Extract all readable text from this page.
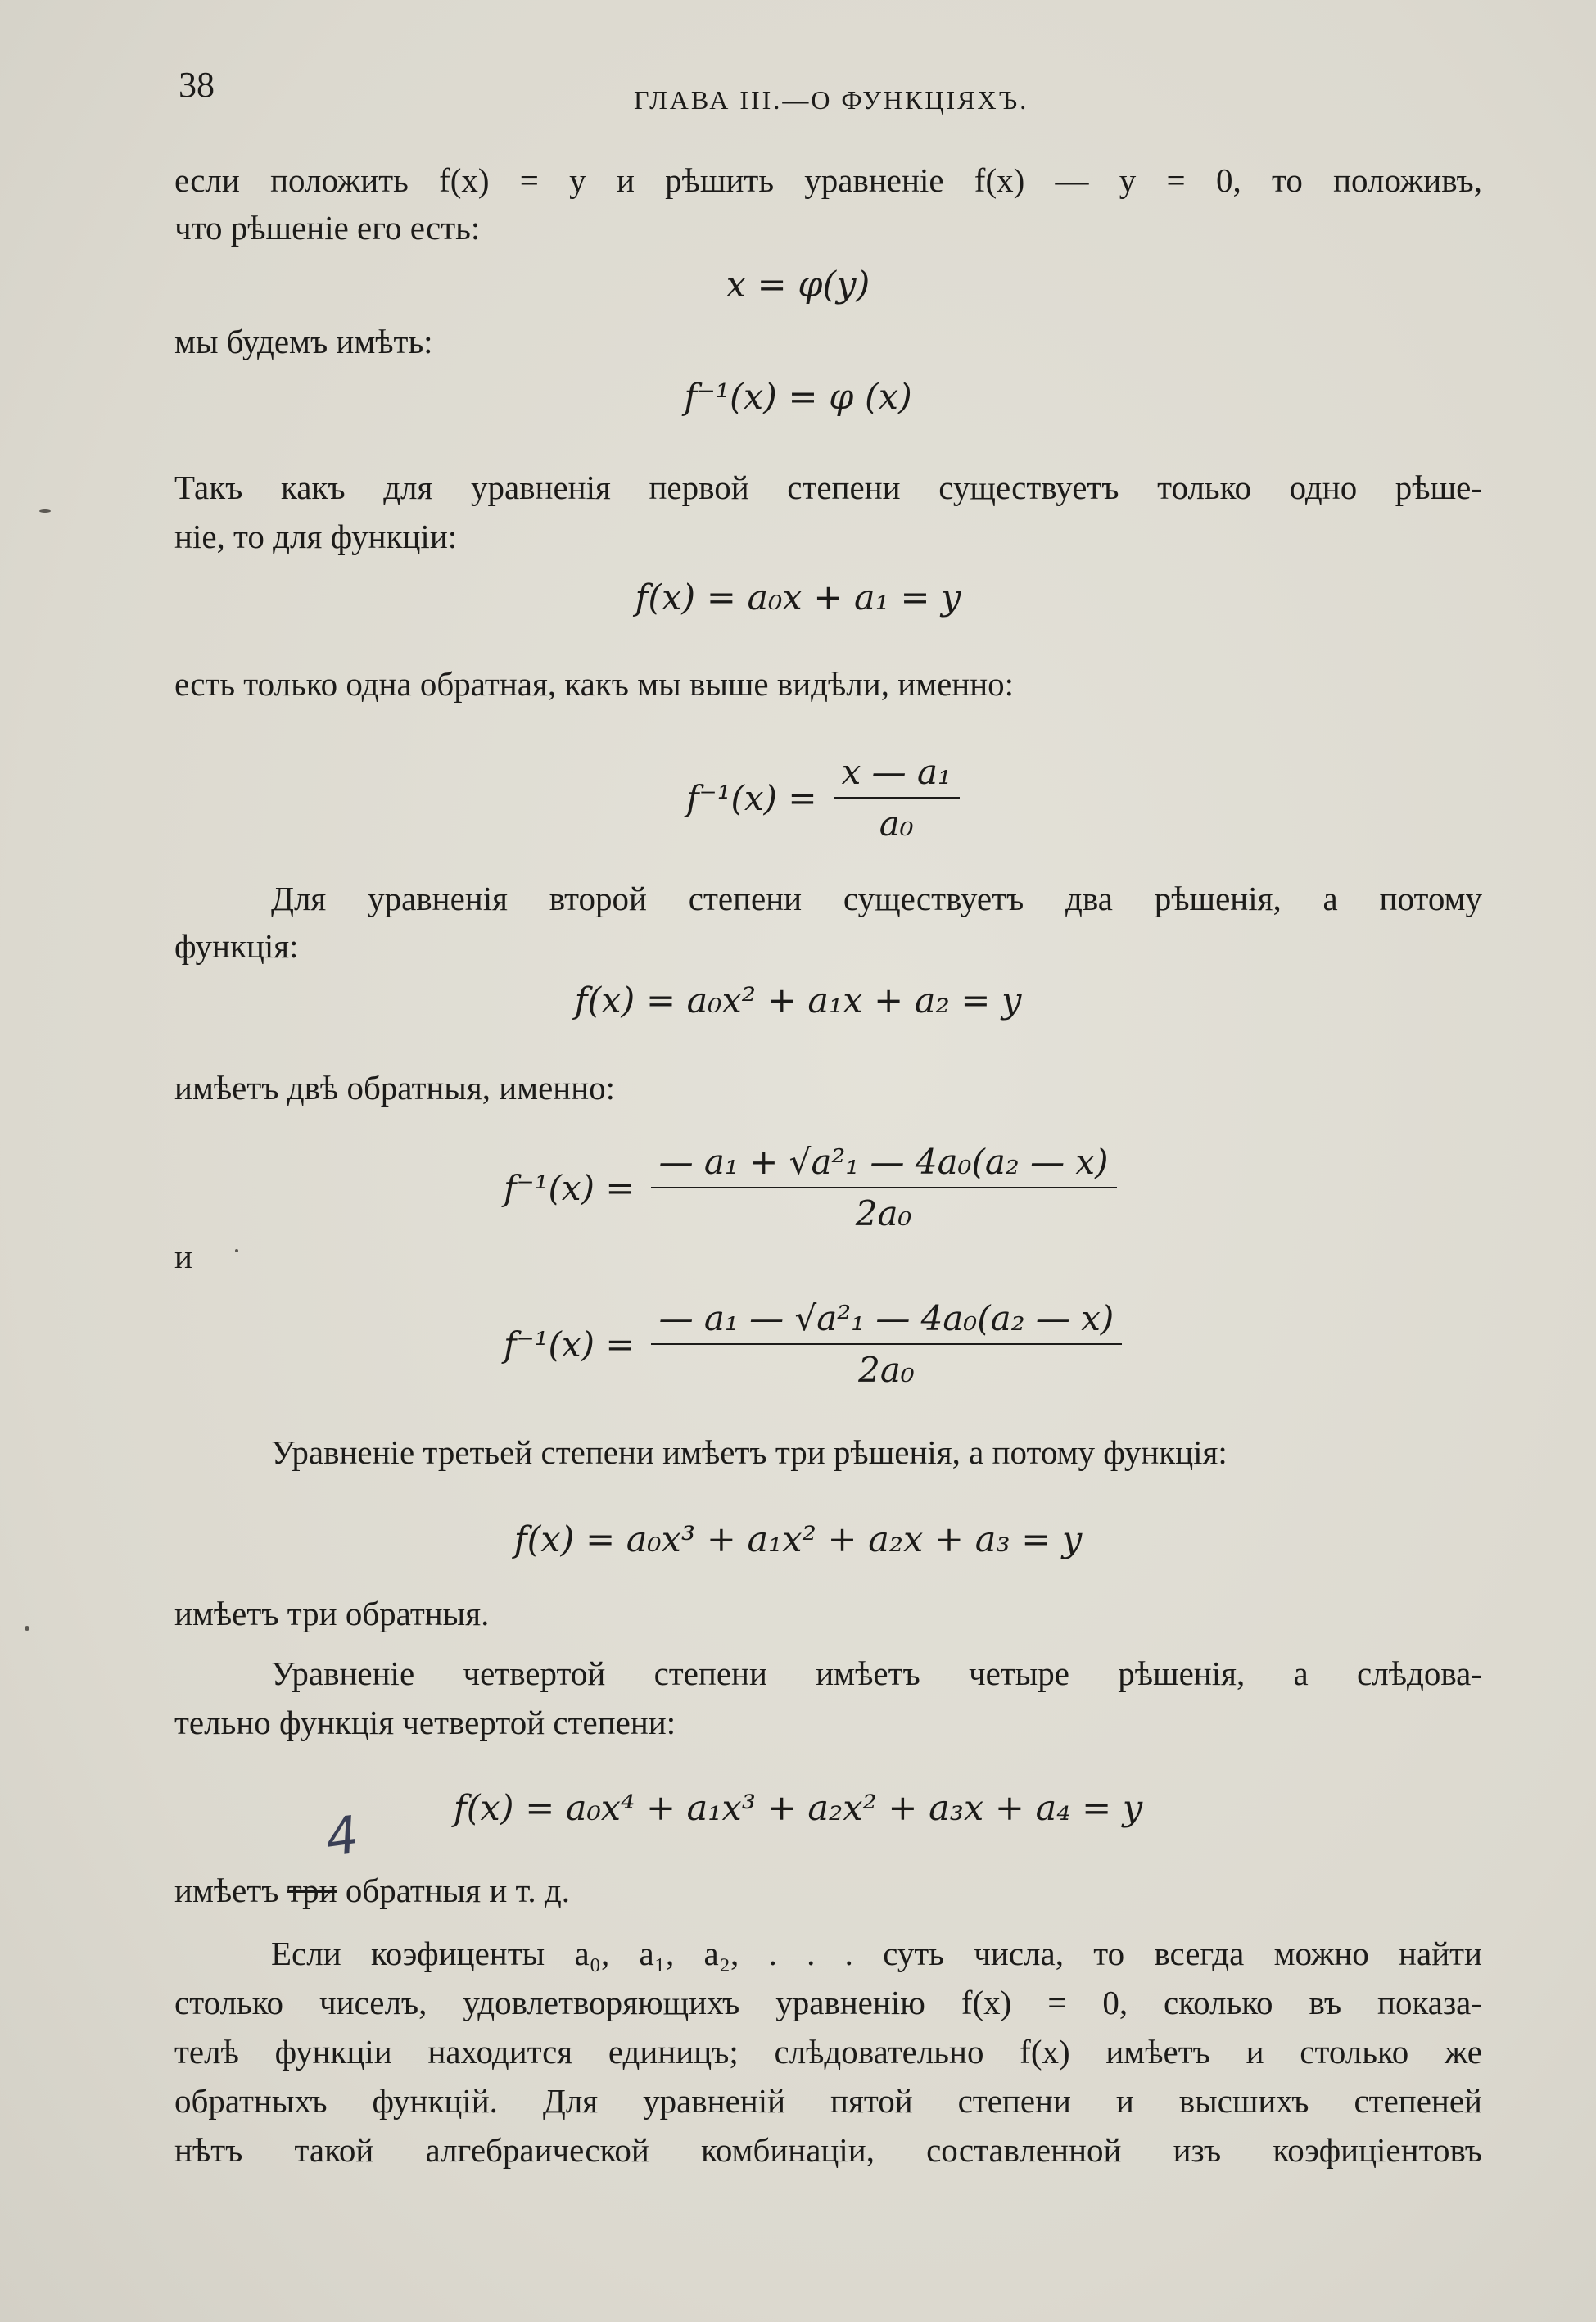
38	ГЛАВА III.—О ФУНКЦІЯХЪ.

если положить f(x) = y и рѣшить уравненіе f(x) — y = 0, то положивъ,

что рѣшеніе его есть:

x = φ(y)

мы будемъ имѣть:

f⁻¹(x) = φ (x)

Такъ какъ для уравненія первой степени существуетъ только одно рѣше-

ніе, то для функціи:

f(x) = a₀x + a₁ = y

есть только одна обратная, какъ мы выше видѣли, именно:

$f^{-1}(x) = \frac{\text{x — a₁}}{\text{a₀}}$

Для уравненія второй степени существуетъ два рѣшенія, а потому

функція:

f(x) = a₀x² + a₁x + a₂ = y

имѣетъ двѣ обратныя, именно:

$f^{-1}(x) = \frac{\text{— a₁ + √a²₁ — 4a₀(a₂ — x)}}{\text{2a₀}}$
и
$f^{-1}(x) = \frac{\text{— a₁ — √a²₁ — 4a₀(a₂ — x)}}{\text{2a₀}}$

Уравненіе третьей степени имѣетъ три рѣшенія, а потому функція:

f(x) = a₀x³ + a₁x² + a₂x + a₃ = y

имѣетъ три обратныя.

Уравненіе четвертой степени имѣетъ четыре рѣшенія, а слѣдова-

тельно функція четвертой степени:

f(x) = a₀x⁴ + a₁x³ + a₂x² + a₃x + a₄ = y
4

имѣетъ три обратныя и т. д.

Если коэфиценты a₀, a₁, a₂, . . . суть числа, то всегда можно найти

столько чиселъ, удовлетворяющихъ уравненію f(x) = 0, сколько въ показа-

телѣ функціи находится единицъ; слѣдовательно f(x) имѣетъ и столько же

обратныхъ функцій. Для уравненій пятой степени и высшихъ степеней

нѣтъ такой алгебраической комбинаціи, составленной изъ коэфиціентовъ
